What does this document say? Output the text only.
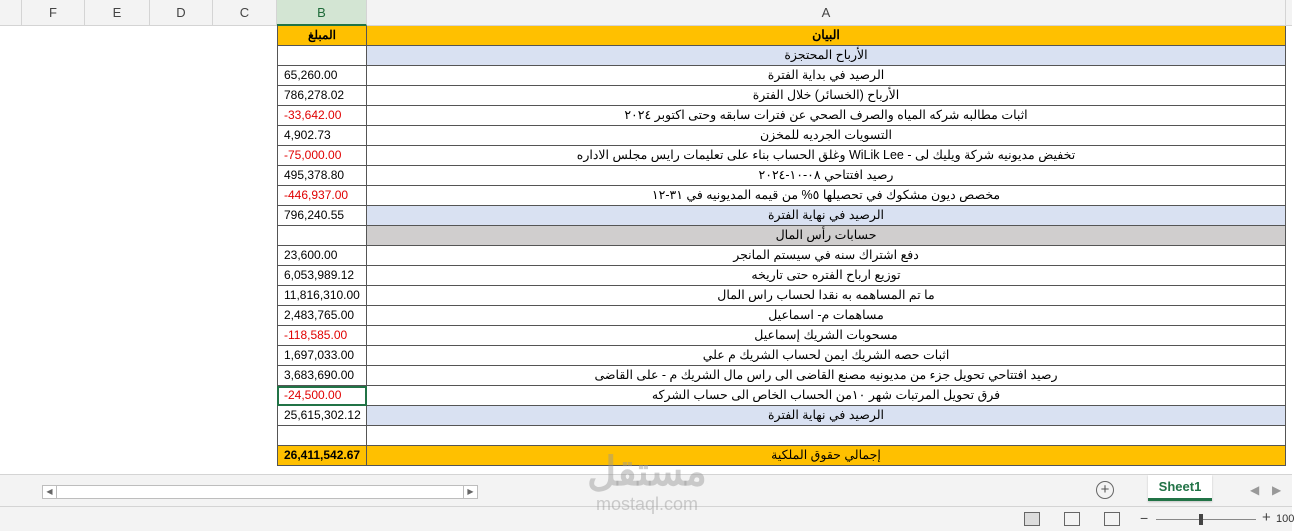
F	E	D	C	B	A
المبلغ	البيان
الأرباح المحتجزة
65,260.00	الرصيد في بداية الفترة
786,278.02	الأرباح (الخسائر) خلال الفترة
-33,642.00	اثبات مطالبه شركه المياه والصرف الصحي عن فترات سابقه وحتى اكتوبر ٢٠٢٤
4,902.73	التسويات الجرديه للمخزن
-75,000.00	تخفيض مديونيه شركة ويليك لى - WiLik Lee وغلق الحساب بناء على تعليمات رايس مجلس الاداره
495,378.80	رصيد افتتاحي ٠٨-١٠-٢٠٢٤
-446,937.00	مخصص ديون مشكوك في تحصيلها ٥% من قيمه المديونيه في ٣١-١٢
796,240.55	الرصيد في نهاية الفترة
حسابات رأس المال
23,600.00	دفع اشتراك سنه في سيستم المانجر
6,053,989.12	توزيع ارباح الفتره حتى تاريخه
11,816,310.00	ما تم المساهمه به نقدا لحساب راس المال
2,483,765.00	مساهمات م- اسماعيل
-118,585.00	مسحوبات الشريك إسماعيل
1,697,033.00	اثبات حصه الشريك ايمن لحساب الشريك م علي
3,683,690.00	رصيد افتتاحي تحويل جزء من مديونيه مصنع القاضى الى راس مال الشريك م - على القاضى
-24,500.00	فرق تحويل المرتبات شهر ١٠من الحساب الخاص الى حساب الشركه
25,615,302.12	الرصيد في نهاية الفترة
26,411,542.67	إجمالي حقوق الملكية
◀	▶	+	Sheet1	◀ ▶
−	+ 100
مستقل
mostaql.com
